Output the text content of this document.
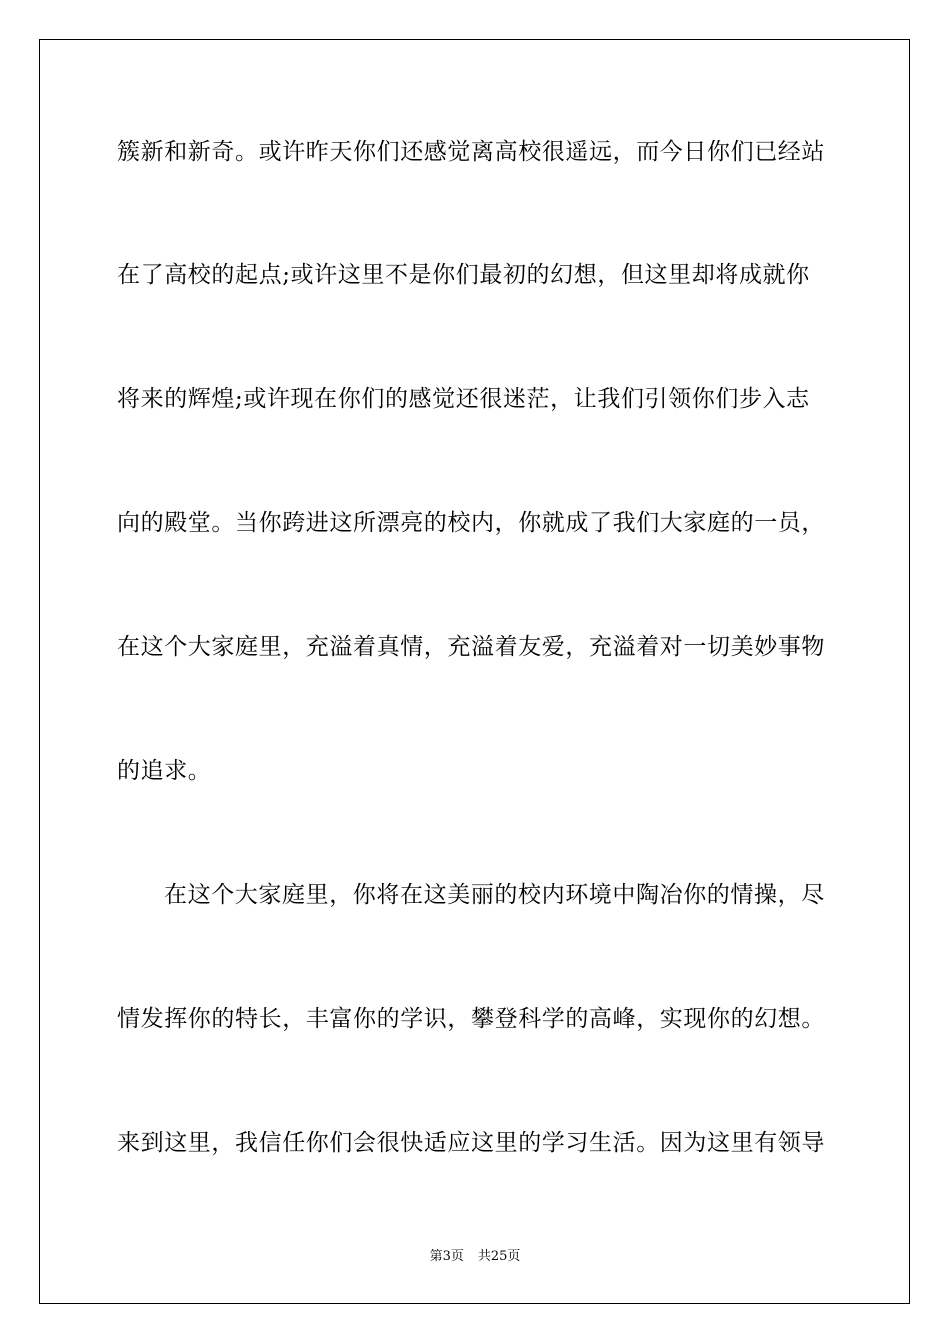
簇新和新奇。或许昨天你们还感觉离高校很遥远，而今日你们已经站
在了高校的起点;或许这里不是你们最初的幻想，但这里却将成就你
将来的辉煌;或许现在你们的感觉还很迷茫，让我们引领你们步入志
向的殿堂。当你跨进这所漂亮的校内，你就成了我们大家庭的一员，
在这个大家庭里，充溢着真情，充溢着友爱，充溢着对一切美妙事物
的追求。
在这个大家庭里，你将在这美丽的校内环境中陶冶你的情操，尽
情发挥你的特长，丰富你的学识，攀登科学的高峰，实现你的幻想。
来到这里，我信任你们会很快适应这里的学习生活。因为这里有领导
第3页 共25页
